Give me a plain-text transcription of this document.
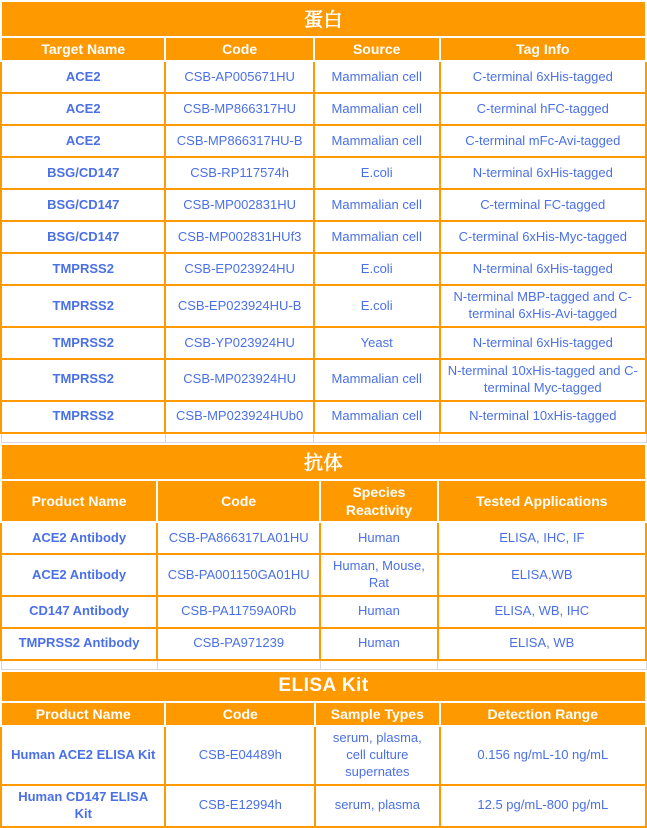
蛋白			
Target Name	Code	Source	Tag Info
ACE2	CSB-AP005671HU	Mammalian cell	C-terminal 6xHis-tagged
ACE2	CSB-MP866317HU	Mammalian cell	C-terminal hFC-tagged
ACE2	CSB-MP866317HU-B	Mammalian cell	C-terminal mFc-Avi-tagged
BSG/CD147	CSB-RP117574h	E.coli	N-terminal 6xHis-tagged
BSG/CD147	CSB-MP002831HU	Mammalian cell	C-terminal FC-tagged
BSG/CD147	CSB-MP002831HUf3	Mammalian cell	C-terminal 6xHis-Myc-tagged
TMPRSS2	CSB-EP023924HU	E.coli	N-terminal 6xHis-tagged
TMPRSS2	CSB-EP023924HU-B	E.coli	N-terminal MBP-tagged and C-terminal 6xHis-Avi-tagged
TMPRSS2	CSB-YP023924HU	Yeast	N-terminal 6xHis-tagged
TMPRSS2	CSB-MP023924HU	Mammalian cell	N-terminal 10xHis-tagged and C-terminal Myc-tagged
TMPRSS2	CSB-MP023924HUb0	Mammalian cell	N-terminal 10xHis-tagged

抗体			
Product Name	Code	Species Reactivity	Tested Applications
ACE2 Antibody	CSB-PA866317LA01HU	Human	ELISA, IHC, IF
ACE2 Antibody	CSB-PA001150GA01HU	Human, Mouse, Rat	ELISA,WB
CD147 Antibody	CSB-PA11759A0Rb	Human	ELISA, WB, IHC
TMPRSS2 Antibody	CSB-PA971239	Human	ELISA, WB

ELISA Kit			
Product Name	Code	Sample Types	Detection Range
Human ACE2 ELISA Kit	CSB-E04489h	serum, plasma, cell culture supernates	0.156 ng/mL-10 ng/mL
Human CD147 ELISA Kit	CSB-E12994h	serum, plasma	12.5 pg/mL-800 pg/mL
